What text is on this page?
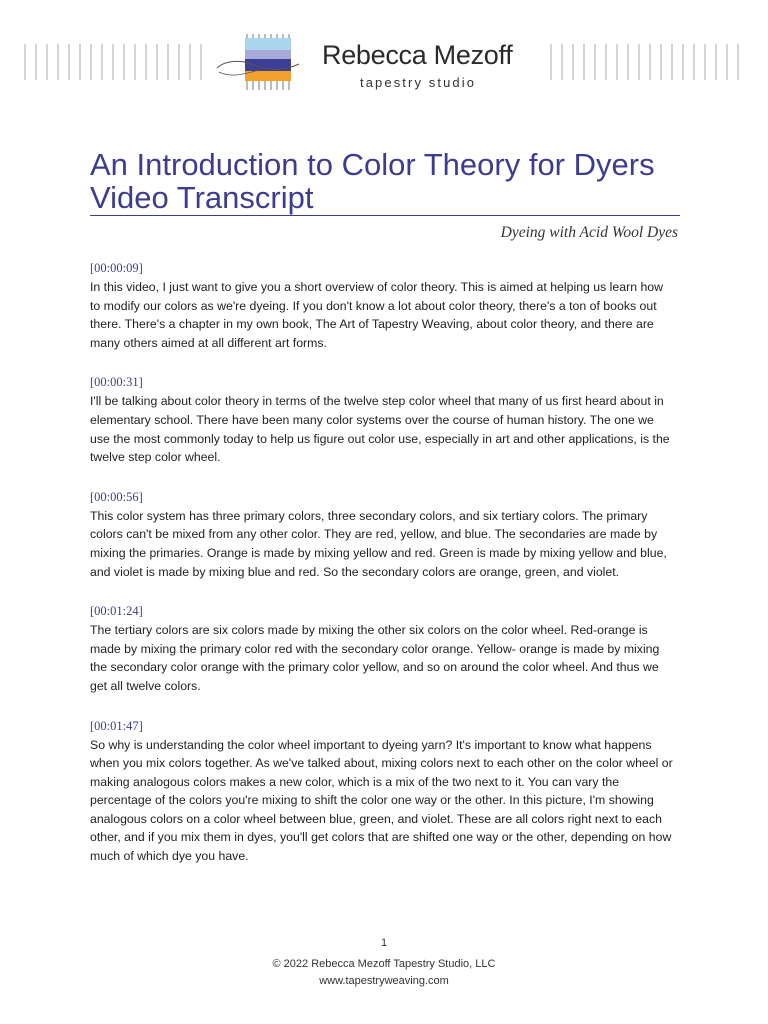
Rebecca Mezoff
tapestry studio
An Introduction to Color Theory for Dyers Video Transcript
Dyeing with Acid Wool Dyes
[00:00:09]

In this video, I just want to give you a short overview of color theory. This is aimed at helping us learn how to modify our colors as we're dyeing. If you don't know a lot about color theory, there's a ton of books out there. There's a chapter in my own book, The Art of Tapestry Weaving, about color theory, and there are many others aimed at all different art forms.

[00:00:31]

I'll be talking about color theory in terms of the twelve step color wheel that many of us first heard about in elementary school. There have been many color systems over the course of human history. The one we use the most commonly today to help us figure out color use, especially in art and other applications, is the twelve step color wheel.

[00:00:56]

This color system has three primary colors, three secondary colors, and six tertiary colors. The primary colors can't be mixed from any other color. They are red, yellow, and blue. The secondaries are made by mixing the primaries. Orange is made by mixing yellow and red. Green is made by mixing yellow and blue, and violet is made by mixing blue and red. So the secondary colors are orange, green, and violet.

[00:01:24]

The tertiary colors are six colors made by mixing the other six colors on the color wheel. Red-orange is made by mixing the primary color red with the secondary color orange. Yellow- orange is made by mixing the secondary color orange with the primary color yellow, and so on around the color wheel. And thus we get all twelve colors.

[00:01:47]

So why is understanding the color wheel important to dyeing yarn? It's important to know what happens when you mix colors together. As we've talked about, mixing colors next to each other on the color wheel or making analogous colors makes a new color, which is a mix of the two next to it. You can vary the percentage of the colors you're mixing to shift the color one way or the other. In this picture, I'm showing analogous colors on a color wheel between blue, green, and violet. These are all colors right next to each other, and if you mix them in dyes, you'll get colors that are shifted one way or the other, depending on how much of which dye you have.

1
© 2022 Rebecca Mezoff Tapestry Studio, LLC
www.tapestryweaving.com
